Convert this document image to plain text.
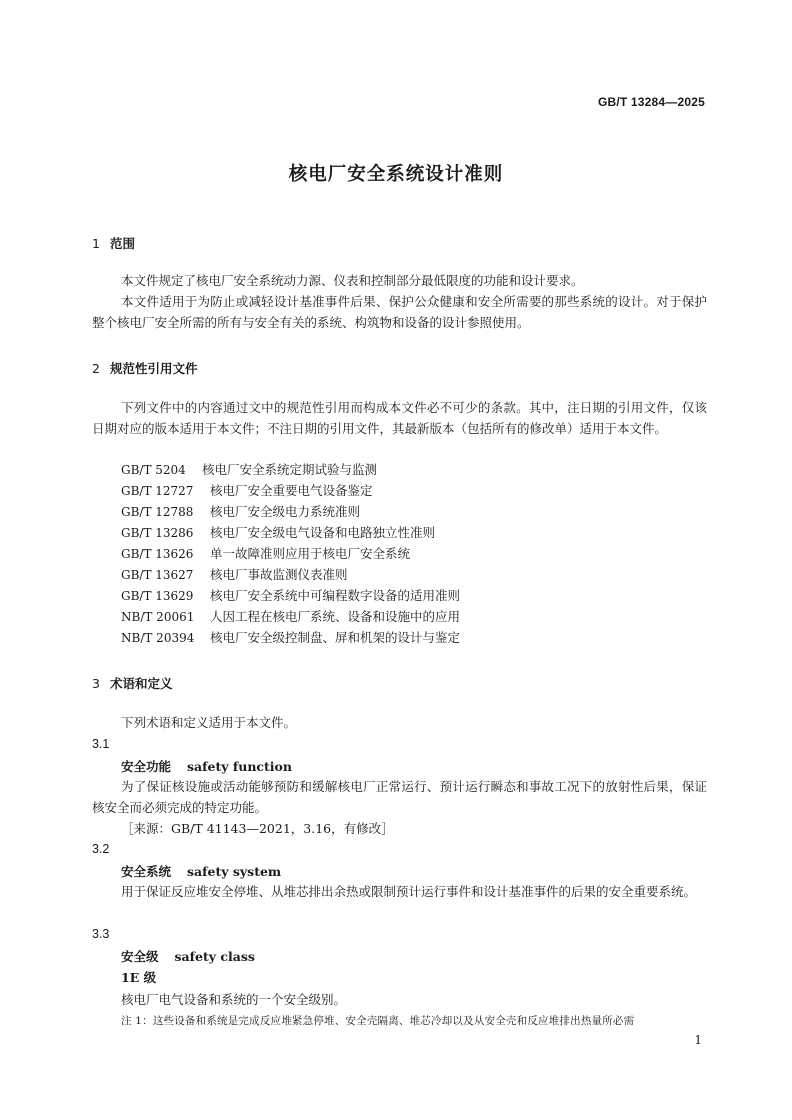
GB/T 13284—2025
核电厂安全系统设计准则
1 范围
本文件规定了核电厂安全系统动力源、仪表和控制部分最低限度的功能和设计要求。
本文件适用于为防止或减轻设计基准事件后果、保护公众健康和安全所需要的那些系统的设计。对于保护整个核电厂安全所需的所有与安全有关的系统、构筑物和设备的设计参照使用。
2 规范性引用文件
下列文件中的内容通过文中的规范性引用而构成本文件必不可少的条款。其中，注日期的引用文件，仅该日期对应的版本适用于本文件；不注日期的引用文件，其最新版本（包括所有的修改单）适用于本文件。
GB/T 5204 核电厂安全系统定期试验与监测
GB/T 12727 核电厂安全重要电气设备鉴定
GB/T 12788 核电厂安全级电力系统准则
GB/T 13286 核电厂安全级电气设备和电路独立性准则
GB/T 13626 单一故障准则应用于核电厂安全系统
GB/T 13627 核电厂事故监测仪表准则
GB/T 13629 核电厂安全系统中可编程数字设备的适用准则
NB/T 20061 人因工程在核电厂系统、设备和设施中的应用
NB/T 20394 核电厂安全级控制盘、屏和机架的设计与鉴定
3 术语和定义
下列术语和定义适用于本文件。
3.1
安全功能 safety function
为了保证核设施或活动能够预防和缓解核电厂正常运行、预计运行瞬态和事故工况下的放射性后果，保证核安全而必须完成的特定功能。
［来源：GB/T 41143—2021，3.16，有修改］
3.2
安全系统 safety system
用于保证反应堆安全停堆、从堆芯排出余热或限制预计运行事件和设计基准事件的后果的安全重要系统。
3.3
安全级 safety class
1E 级
核电厂电气设备和系统的一个安全级别。
注 1：这些设备和系统是完成反应堆紧急停堆、安全壳隔离、堆芯冷却以及从安全壳和反应堆排出热量所必需
1
